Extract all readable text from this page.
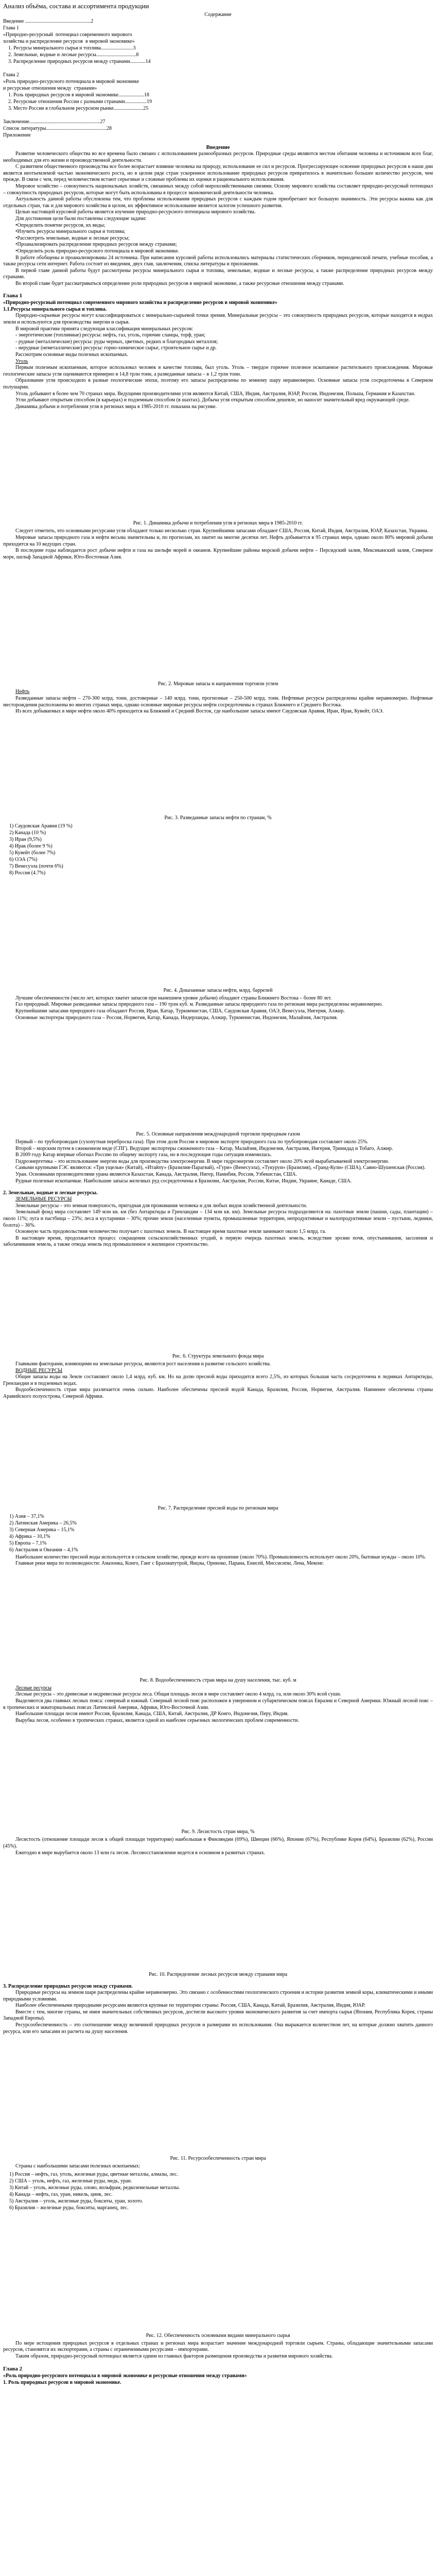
Анализ объёма, состава и ассортимента продукции
Содержание
Введение ...................................................2
Глава 1
«Природно-ресурсный  потенциал современного мирового
хозяйства и распределение ресурсов  в мировой экономике»
1. Ресурсы минерального сырья и топлива.........................3
2. Земельные, водные и лесные ресурсы...............................8
3. Распределение природных ресурсов между странами............14

Глава 2
«Роль природно-ресурсного потенциала в мировой экономике
и ресурсные отношения между  странами»
1. Роль природных ресурсов в мировой экономике....................18
2. Ресурсные отношения России с разными странами.................19
3. Место России в глобальном ресурсном рынке.......................25

Заключение.......................................................27
Список литературы...............................................28
Приложение
Введение

Развитие человеческого общества во все времена было связано с использованием разнообразных ресурсов. Природные среды являются местом обитания человека и источником всех благ, необходимых для его жизни и производственной деятельности.

С развитием общественного производства все более возрастает влияние человека на природу, использование ее сил и ресурсов. Прогрессирующее освоение природных ресурсов в наши дни является неотъемлемой частью экономического роста, но в целом ряде стран ускоренное использование природных ресурсов превратилось в значительно большее количество ресурсов, чем прежде. В связи с чем, перед человечеством встают серьезные и сложные проблемы их оценки и рационального использования.

Мировое хозяйство – совокупность национальных хозяйств, связанных между собой мирохозяйственными связями. Основу мирового хозяйства составляет природно-ресурсный потенциал – совокупность природных ресурсов, которые могут быть использованы в процессе экономической деятельности человека.

Актуальность данной работы обусловлена тем, что проблемы использования природных ресурсов с каждым годом приобретают все большую значимость. Эти ресурсы важны как для отдельных стран, так и для мирового хозяйства в целом, их эффективное использование является залогом успешного развития.

Целью настоящей курсовой работы является изучение природно-ресурсного потенциала мирового хозяйства.

Для достижения цели были поставлены следующие задачи:

•Определить понятие ресурсов, их виды;

•Изучить ресурсы минерального сырья и топлива;

•Рассмотреть земельные, водные и лесные ресурсы;

•Проанализировать распределение природных ресурсов между странами;

•Определить роль природно-ресурсного потенциала в мировой экономике.

В работе обобщены и проанализированы 24 источника. При написании курсовой работы использовались материалы статистических сборников, периодической печати, учебные пособия, а также ресурсы сети интернет. Работа состоит из введения, двух глав, заключения, списка литературы и приложения.

В первой главе данной работы будут рассмотрены ресурсы минерального сырья и топлива, земельные, водные и лесные ресурсы, а также распределение природных ресурсов между странами.

Во второй главе будет рассматриваться определение роли природных ресурсов в мировой экономике, а также ресурсные отношения между странами.

Глава 1
«Природно-ресурсный потенциал современного мирового хозяйства и распределение ресурсов в мировой экономике»
1.1.Ресурсы минерального сырья и топлива.

Природно-сырьевые ресурсы могут классифицироваться с минерально-сырьевой точки зрения. Минеральные ресурсы – это совокупность природных ресурсов, которые находятся в недрах земли и используются для производства энергии и сырья.

В мировой практике принята следующая классификация минеральных ресурсов:

- энергетические (топливные) ресурсы: нефть, газ, уголь, горючие сланцы, торф, уран;

- рудные (металлические) ресурсы: руды черных, цветных, редких и благородных металлов;

- нерудные (неметаллические) ресурсы: горно-химическое сырье, строительное сырье и др.

Рассмотрим основные виды полезных ископаемых.

Уголь

Первым полезным ископаемым, которое использовал человек в качестве топлива, был уголь. Уголь – твердое горючее полезное ископаемое растительного происхождения. Мировые геологические запасы угля оцениваются примерно в 14,8 трлн тонн, а разведанные запасы – в 1,2 трлн тонн.

Образование угля происходило в разные геологические эпохи, поэтому его запасы распределены по земному шару неравномерно. Основные запасы угля сосредоточены в Северном полушарии.

Уголь добывают в более чем 70 странах мира. Ведущими производителями угля являются Китай, США, Индия, Австралия, ЮАР, Россия, Индонезия, Польша, Германия и Казахстан.

Угли добывают открытым способом (в карьерах) и подземным способом (в шахтах). Добыча угля открытым способом дешевле, но наносит значительный вред окружающей среде.

Динамика добычи и потребления угля в регионах мира в 1985-2010 гг. показана на рисунке.

Рис. 1. Динамика добычи и потребления угля в регионах мира в 1985-2010 гг.

Следует отметить, что основными ресурсами угля обладают только несколько стран. Крупнейшими запасами обладают США, Россия, Китай, Индия, Австралия, ЮАР, Казахстан, Украина.

Мировые запасы природного газа и нефти весьма значительны и, по прогнозам, их хватит на многие десятки лет. Нефть добывается в 95 странах мира, однако около 80% мировой добычи приходится на 10 ведущих стран.

В последние годы наблюдается рост добычи нефти и газа на шельфе морей и океанов. Крупнейшие районы морской добычи нефти – Персидский залив, Мексиканский залив, Северное море, шельф Западной Африки, Юго-Восточная Азия.

Рис. 2. Мировые запасы и направления торговли углем
Нефть

Разведанные запасы нефти – 270-300 млрд. тонн, достоверные – 140 млрд. тонн, прогнозные – 250-500 млрд. тонн. Нефтяные ресурсы распределены крайне неравномерно. Нефтяные месторождения расположены во многих странах мира, однако основные мировые ресурсы нефти сосредоточены в странах Ближнего и Среднего Востока.

Из всех добываемых в мире нефти около 40% приходится на Ближний и Средний Восток, где наибольшие запасы имеют Саудовская Аравия, Иран, Ирак, Кувейт, ОАЭ.

Рис. 3. Разведанные запасы нефти по странам, %
1) Саудовская Аравия (19 %)
2) Канада (10 %)
3) Иран (9,5%)
4) Ирак (более 9 %)
5) Кувейт (более 7%)
6) ОЭА (7%)
7) Венесуэла (почти 6%)
8) Россия (4.7%)
Рис. 4. Доказанные запасы нефти, млрд. баррелей

Лучшие обеспеченности (число лет, которых хватит запасов при нынешнем уровне добычи) обладают страны Ближнего Востока – более 80 лет.

Газ природный. Мировые разведанные запасы природного газа – 190 трлн куб. м. Разведанные запасы природного газа по регионам мира распределены неравномерно.

Крупнейшими запасами природного газа обладают Россия, Иран, Катар, Туркменистан, США, Саудовская Аравия, ОАЭ, Венесуэла, Нигерия, Алжир.

Основные экспортеры природного газа – Россия, Норвегия, Катар, Канада, Нидерланды, Алжир, Туркменистан, Индонезия, Малайзия, Австралия.

Рис. 5. Основные направления международной торговли природным газом

Первый – по трубопроводам (сухопутная переброска газа). При этом доля России в мировом экспорте природного газа по трубопроводам составляет около 25%.

Второй – морским путем в сжиженном виде (СПГ). Ведущие экспортеры сжиженного газа – Катар, Малайзия, Индонезия, Австралия, Нигерия, Тринидад и Тобаго, Алжир.

В 2009 году Катар впервые обогнал Россию по общему экспорту газа, но в последующие годы ситуация изменилась.

Гидроэнергетика – это использование энергии воды для производства электроэнергии. В мире гидроэнергия составляет около 20% всей вырабатываемой электроэнергии.

Самыми крупными ГЭС являются: «Три ущелья» (Китай), «Итайпу» (Бразилия-Парагвай), «Гури» (Венесуэла), «Тукуруи» (Бразилия), «Гранд-Кули» (США), Саяно-Шушенская (Россия).

Уран. Основными производителями урана являются Казахстан, Канада, Австралия, Нигер, Намибия, Россия, Узбекистан, США.

Рудные полезные ископаемые. Наибольшие запасы железных руд сосредоточены в Бразилии, Австралии, России, Китае, Индии, Украине, Канаде, США.

2. Земельные, водные и лесные ресурсы.
ЗЕМЕЛЬНЫЕ РЕСУРСЫ

Земельные ресурсы – это земная поверхность, пригодная для проживания человека и для любых видов хозяйственной деятельности.

Земельный фонд мира составляет 149 млн кв. км (без Антарктиды и Гренландии – 134 млн кв. км). Земельные ресурсы подразделяются на: пахотные земли (пашни, сады, плантации) – около 11%; луга и пастбища – 23%; леса и кустарники – 30%; прочие земли (населенные пункты, промышленные территории, непродуктивные и малопродуктивные земли – пустыни, ледники, болота) – 36%.

Основную часть продовольствия человечество получает с пахотных земель. В настоящее время пахотные земли занимают около 1,5 млрд. га.

В настоящее время, продолжается процесс сокращения сельскохозяйственных угодий, в первую очередь пахотных земель, вследствие эрозии почв, опустынивания, засоления и заболачивания земель, а также отвода земель под промышленное и жилищное строительство.

Рис. 6. Структура земельного фонда мира

Главными факторами, влияющими на земельные ресурсы, являются рост населения и развитие сельского хозяйства.

ВОДНЫЕ РЕСУРСЫ

Общие запасы воды на Земле составляют около 1,4 млрд. куб. км. Но на долю пресной воды приходится всего 2,5%, из которых большая часть сосредоточена в ледниках Антарктиды, Гренландии и в подземных водах.

Водообеспеченность стран мира различается очень сильно. Наиболее обеспечены пресной водой Канада, Бразилия, Россия, Норвегия, Австралия. Наименее обеспечены страны Аравийского полуострова, Северной Африки.

Рис. 7. Распределение пресной воды по регионам мира
1) Азия – 37,1%
2) Латинская Америка – 26,5%
3) Северная Америка – 15,1%
4) Африка – 10,1%
5) Европа – 7,1%
6) Австралия и Океания – 4,1%

Наибольшее количество пресной воды используется в сельском хозяйстве, прежде всего на орошение (около 70%). Промышленность использует около 20%, бытовые нужды – около 10%.

Главные реки мира по полноводности: Амазонка, Конго, Ганг с Брахмапутрой, Янцзы, Ориноко, Парана, Енисей, Миссисипи, Лена, Меконг.

Рис. 8. Водообеспеченность стран мира на душу населения, тыс. куб. м
Лесные ресурсы

Лесные ресурсы – это древесные и недревесные ресурсы леса. Общая площадь лесов в мире составляет около 4 млрд. га, или около 30% всей суши.

Выделяются два главных лесных пояса: северный и южный. Северный лесной пояс расположен в умеренном и субарктическом поясах Евразии и Северной Америки. Южный лесной пояс – в тропических и экваториальных поясах Латинской Америки, Африки, Юго-Восточной Азии.

Наибольшие площади лесов имеют Россия, Бразилия, Канада, США, Китай, Австралия, ДР Конго, Индонезия, Перу, Индия.

Вырубка лесов, особенно в тропических странах, является одной из наиболее серьезных экологических проблем современности.

Рис. 9. Лесистость стран мира, %

Лесистость (отношение площади лесов к общей площади территории) наибольшая в Финляндии (69%), Швеции (66%), Японии (67%), Республике Корея (64%), Бразилии (62%), России (45%).

Ежегодно в мире вырубается около 13 млн га лесов. Лесовосстановление ведется в основном в развитых странах.

Рис. 10. Распределение лесных ресурсов между странами мира
3. Распределение природных ресурсов между странами.

Природные ресурсы на земном шаре распределены крайне неравномерно. Это связано с особенностями геологического строения и истории развития земной коры, климатическими и иными природными условиями.

Наиболее обеспеченными природными ресурсами являются крупные по территории страны: Россия, США, Канада, Китай, Бразилия, Австралия, Индия, ЮАР.

Вместе с тем, многие страны, не имея значительных собственных ресурсов, достигли высокого уровня экономического развития за счет импорта сырья (Япония, Республика Корея, страны Западной Европы).

Ресурсообеспеченность – это соотношение между величиной природных ресурсов и размерами их использования. Она выражается количеством лет, на которые должно хватить данного ресурса, или его запасами из расчета на душу населения.

Рис. 11. Ресурсообеспеченность стран мира

Страны с наибольшими запасами полезных ископаемых:

1) Россия – нефть, газ, уголь, железные руды, цветные металлы, алмазы, лес.
2) США – уголь, нефть, газ, железные руды, медь, уран.
3) Китай – уголь, железные руды, олово, вольфрам, редкоземельные металлы.
4) Канада – нефть, газ, уран, никель, цинк, лес.
5) Австралия – уголь, железные руды, бокситы, уран, золото.
6) Бразилия – железные руды, бокситы, марганец, лес.
Рис. 12. Обеспеченность основными видами минерального сырья

По мере истощения природных ресурсов в отдельных странах и регионах мира возрастает значение международной торговли сырьем. Страны, обладающие значительными запасами ресурсов, становятся их экспортерами, а страны с ограниченными ресурсами – импортерами.

Таким образом, природно-ресурсный потенциал является одним из главных факторов размещения производства и развития мирового хозяйства.

Глава 2
«Роль природно-ресурсного потенциала в мировой экономике и ресурсные отношения между странами»
1. Роль природных ресурсов в мировой экономике.
